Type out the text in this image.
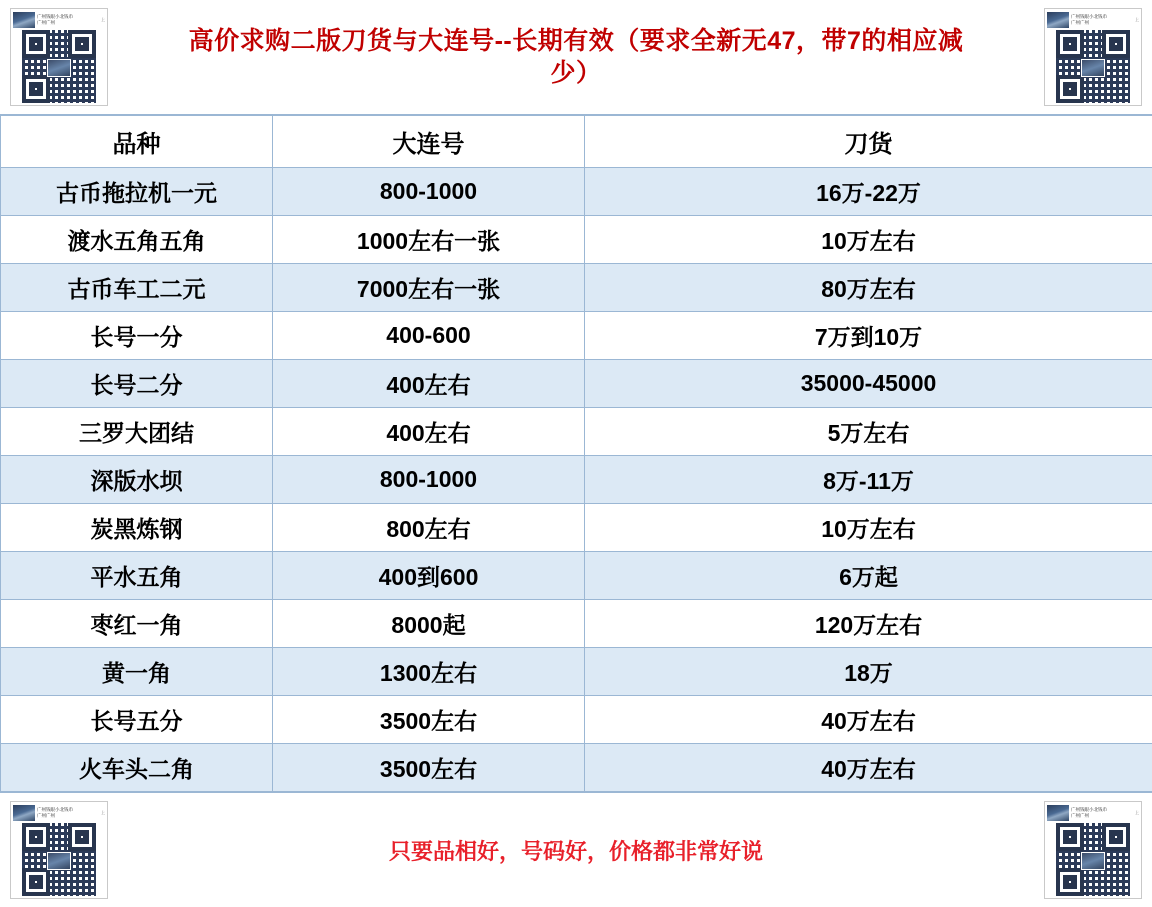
广州钱眼小北钱币
广州广州
上
高价求购二版刀货与大连号--长期有效（要求全新无47，带7的相应减少）
广州钱眼小北钱币
广州广州
上
品种	大连号	刀货
古币拖拉机一元	800-1000	16万-22万
渡水五角五角	1000左右一张	10万左右
古币车工二元	7000左右一张	80万左右
长号一分	400-600	7万到10万
长号二分	400左右	35000-45000
三罗大团结	400左右	5万左右
深版水坝	800-1000	8万-11万
炭黑炼钢	800左右	10万左右
平水五角	400到600	6万起
枣红一角	8000起	120万左右
黄一角	1300左右	18万
长号五分	3500左右	40万左右
火车头二角	3500左右	40万左右
广州钱眼小北钱币
广州广州
上
只要品相好，号码好，价格都非常好说
广州钱眼小北钱币
广州广州
上
